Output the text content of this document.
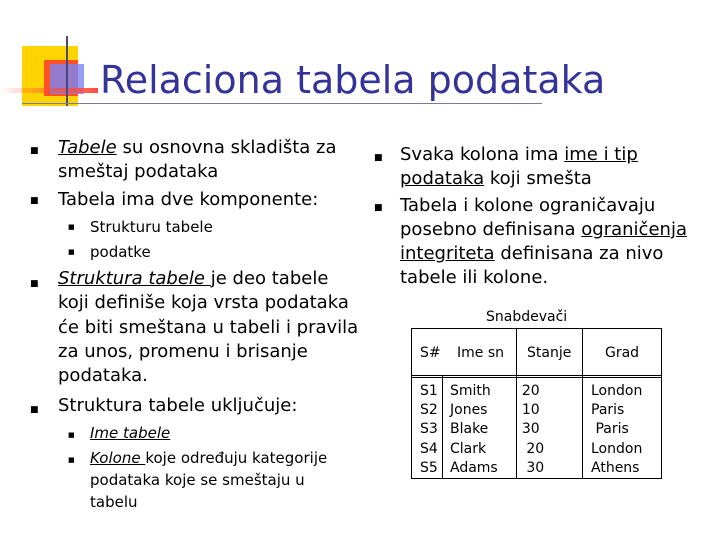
Relaciona tabela podataka
■ Tabele su osnovna skladišta za
smeštaj podataka
■ Tabela ima dve komponente:
■ Strukturu tabele
■ podatke
■ Struktura tabele je deo tabele
koji definiše koja vrsta podataka
će biti smeštana u tabeli i pravila
za unos, promenu i brisanje
podataka.
■ Struktura tabele uključuje:
■ Ime tabele
■ Kolone koje određuju kategorije
podataka koje se smeštaju u
tabelu
■ Svaka kolona ima ime i tip
podataka koji smešta
■ Tabela i kolone ograničavaju
posebno definisana ograničenja
integriteta definisana za nivo
tabele ili kolone.
Snabdevači
S# Ime sn Stanje Grad
S1
S2
S3
S4
S5
Smith
Jones
Blake
Clark
Adams
20
10
30
20
30
London
Paris
Paris
London
Athens
